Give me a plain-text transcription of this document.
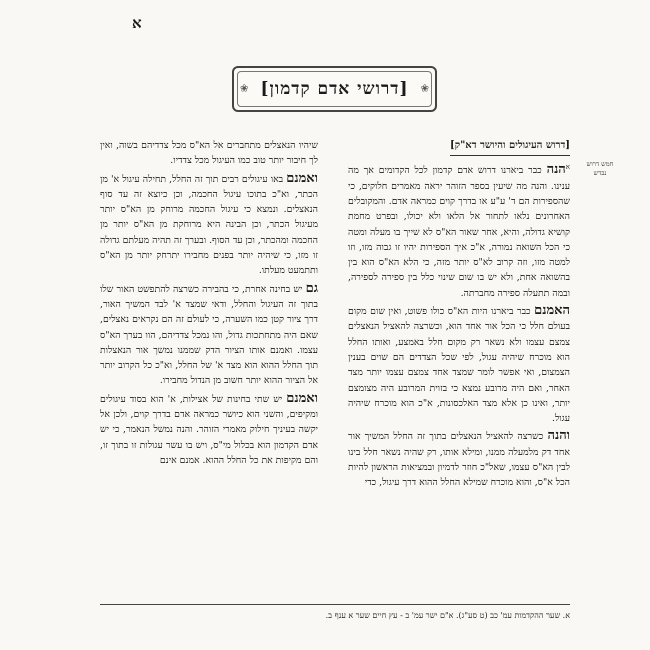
א
❀
[דרושי אדם קדמון]
❀
חמש דרוש נבדש
[דרוש העיגולים והיושר דא"ק]

$^א$הנה כבר ביארנו דרוש אדם קדמון לכל הקדומים אך מה ענינו. והנה מה שיעין בספר הזוהר יראה מאמרים חלוקים, כי שהספירות הם ד' ע"ע או בדרך קוים כמראה אדם. והמקובלים האחרונים נלאו לתחור אל הלאו ולא יכולו, ובפרט מחמת קושיא גדולה, והיא, אחר שאור הא"ס לא שייך בו מעלה ומטה כי הכל השואה נמורה, א"כ איך הספירות יהיו זו גבוה מזו, וזו למטה מזו, וזה קרוב לא"ס יותר מזה, כי הלא הא"ס הוא בין בהשואה אחת, ולא יש בו שום שינוי כלל בין ספירה לספירה, ובמה תתעלה ספירה מחברתה.

האמנם כבר ביארנו היות הא"ס כולו פשוט, ואין שום מקום בעולם חלל כי הכל אור אחד הוא, וכשרצה להאציל הנאצלים צמצם עצמו ולא נשאר רק מקום חלל באמצע, ואותו החלל הוא מוכרח שיהיה עגול, לפי שכל הצדדים הם שוים בענין הצמצום, ואי אפשר לומר שמצד אחד צמצם עצמו יותר מצד האחר, ואם היה מרובע נמצא כי בזוית המרובע היה מצומצם יותר, ואינו כן אלא מצד האלכסונות, א"כ הוא מוכרח שיהיה עגול.

והנה כשרצה להאציל הנאצלים בתוך זה החלל המשיך אור אחד דק מלמעלה ממנו, ומילא אותו, רק שהיה נשאר חלל בינו לבין הא"ס עצמו, שאל"כ חוזר לדמיון ובמציאות הראשון להיות הכל א"ס, והוא מוכרח שמילא החלל ההוא דרך עיגול, כדי

שיהיו הנאצלים מתחברים אל הא"ס מכל צדדיהם בשוה, ואין לך חיבור יותר טוב כמו העיגול מכל צדדיו.

ואמנם באו עיגולים רבים תוך זה החלל, תחילה עיגול א' מן הכתר, וא"כ בתוכו עיגול החכמה, וכן כיוצא זה עד סוף הנאצלים. ונמצא כי עיגול החכמה מרוחק מן הא"ס יותר מעיגול הכתר, וכן הבינה היא מרוחקת מן הא"ס יותר מן החכמה ומהכתר, וכן עד הסוף. ובערך זה תהיה מעלתם גדולה זו מזו, כי שיהיה יותר בפנים מחבירו יתרחק יותר מן הא"ס ותתמעט מעלתו.

גם יש בחינה אחרת, כי בהבירה כשרצה להתפשט האור שלו בתוך זה העיגול והחלל, ודאי שמצד א' לבד המשיך האור, דרך ציור קטן כמו השערה, כי לעולם זה הם נקראים נאצלים, שאם היה מתחתכות גדול, והו נמכל צדדיהם, הוו בערך הא"ס עצמו. ואמנם אותו הציור הדק שממנו נמשך אור הנאצלות תוך החלל ההוא הוא מצד א' של החלל, וא"כ כל הקרוב יותר אל הציור ההוא יותר חשוב מן הנדול מחבירו.

ואמנם יש שתי בחינות של אצילות, א' הוא בסוד עיגולים ומקיפים, והשני הוא כיושר כמראה אדם בדרך קוים, ולכן אל יקשה בעיניך חילוק מאמרי הזוהר. והנה נמשל הנאמר, כי יש אדם הקדמון הוא בכלול מי"ס, ויש בו עשר עגולות זו בתוך זו, והם מקיפות את כל החלל ההוא. אמנם אינם

א. שער ההקדמות עמ' כב (ט סע"ג). א"ם ישר עמ' ב - עץ חיים שער א ענף ב.
